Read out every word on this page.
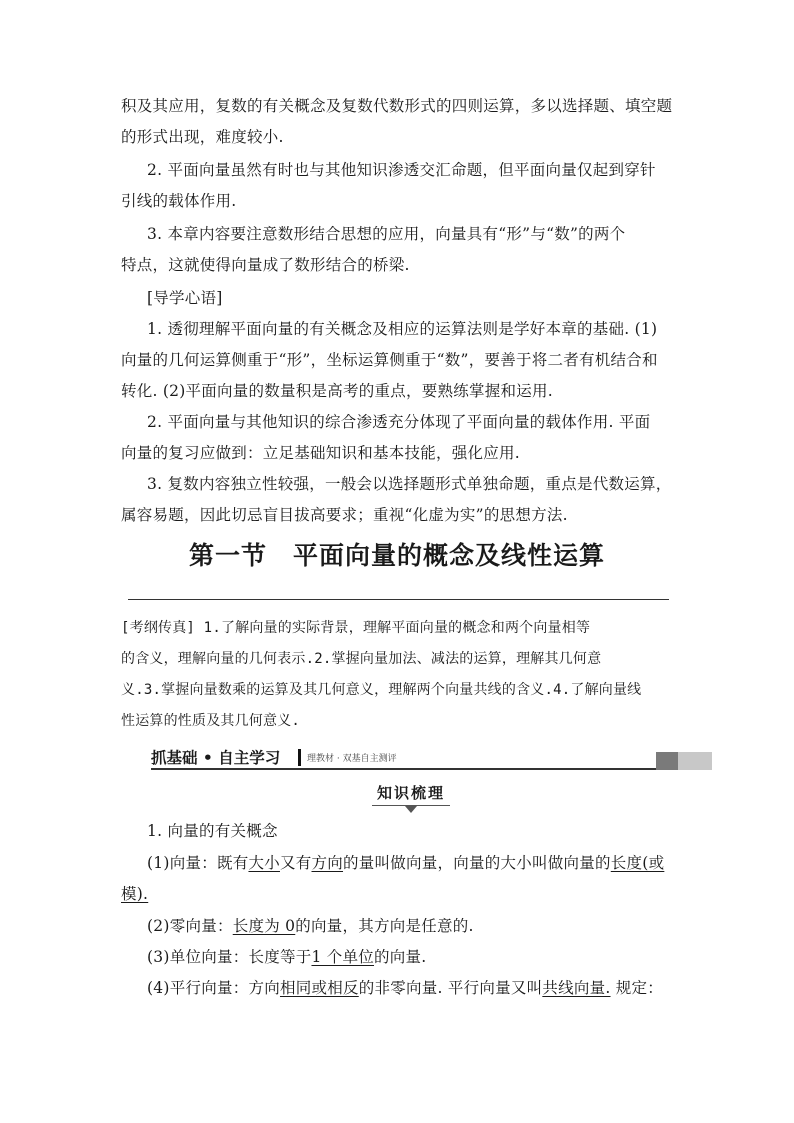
积及其应用，复数的有关概念及复数代数形式的四则运算，多以选择题、填空题
的形式出现，难度较小.
2. 平面向量虽然有时也与其他知识渗透交汇命题，但平面向量仅起到穿针
引线的载体作用.
3. 本章内容要注意数形结合思想的应用，向量具有“形”与“数”的两个
特点，这就使得向量成了数形结合的桥梁.
[导学心语]
1. 透彻理解平面向量的有关概念及相应的运算法则是学好本章的基础. (1)
向量的几何运算侧重于“形”，坐标运算侧重于“数”，要善于将二者有机结合和
转化. (2)平面向量的数量积是高考的重点，要熟练掌握和运用.
2. 平面向量与其他知识的综合渗透充分体现了平面向量的载体作用. 平面
向量的复习应做到：立足基础知识和基本技能，强化应用.
3. 复数内容独立性较强，一般会以选择题形式单独命题，重点是代数运算，
属容易题，因此切忌盲目拔高要求；重视“化虚为实”的思想方法.
第一节 平面向量的概念及线性运算
[考纲传真] 1.了解向量的实际背景，理解平面向量的概念和两个向量相等
的含义，理解向量的几何表示.2.掌握向量加法、减法的运算，理解其几何意
义.3.掌握向量数乘的运算及其几何意义，理解两个向量共线的含义.4.了解向量线
性运算的性质及其几何意义.
抓基础 • 自主学习	理教材 · 双基自主测评
知识梳理
1. 向量的有关概念
(1)向量：既有大小又有方向的量叫做向量，向量的大小叫做向量的长度(或
模).
(2)零向量：长度为 0的向量，其方向是任意的.
(3)单位向量：长度等于1 个单位的向量.
(4)平行向量：方向相同或相反的非零向量. 平行向量又叫共线向量. 规定：
